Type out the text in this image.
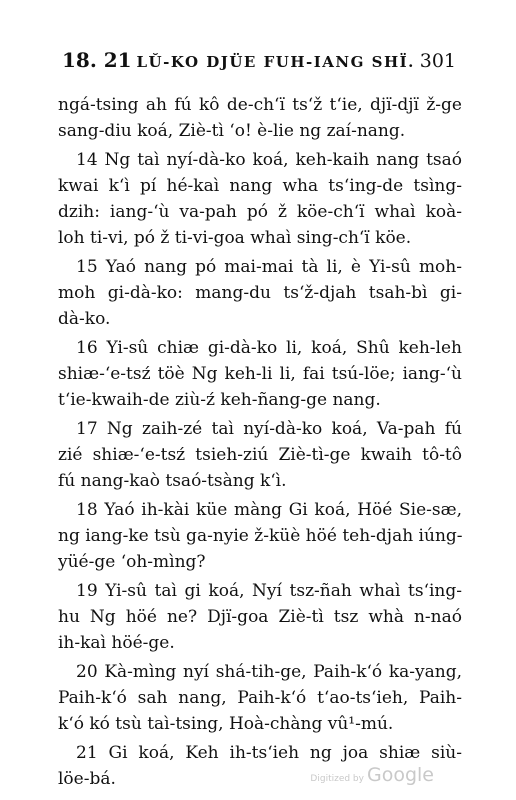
18. 21 LŬ-KO DJÜE FUH-IANG SHÏ. 301
ngá-tsing ah fú kô de-ch‘ï ts‘ž t‘ie, djï-djï ž-ge
sang-diu koá, Ziè-tì ‘o! è-lie ng zaí-nang.
14 Ng taì nyí-dà-ko koá, keh-kaih nang tsaó
kwai k‘ì pí hé-kaì nang wha ts‘ing-de tsìng-
dzih: iang-‘ù va-pah pó ž köe-ch‘ï whaì koà-
loh ti-vi, pó ž ti-vi-goa whaì sing-ch‘ï köe.
15 Yaó nang pó mai-mai tà li, è Yi-sû moh-
moh gi-dà-ko: mang-du ts‘ž-djah tsah-bì gi-
dà-ko.
16 Yi-sû chiæ gi-dà-ko li, koá, Shû keh-leh
shiæ-‘e-tsź töè Ng keh-li li, fai tsú-löe; iang-‘ù
t‘ie-kwaih-de ziù-ź keh-ñang-ge nang.
17 Ng zaih-zé taì nyí-dà-ko koá, Va-pah fú
zié shiæ-‘e-tsź tsieh-ziú Ziè-tì-ge kwaih tô-tô
fú nang-kaò tsaó-tsàng k‘ì.
18 Yaó ih-kài küe màng Gi koá, Höé Sie-sæ,
ng iang-ke tsù ga-nyie ž-küè höé teh-djah iúng-
yüé-ge ‘oh-mìng?
19 Yi-sû taì gi koá, Nyí tsz-ñah whaì ts‘ing-
hu Ng höé ne? Djï-goa Ziè-tì tsz whà n-naó
ih-kaì höé-ge.
20 Kà-mìng nyí shá-tih-ge, Paih-k‘ó ka-yang,
Paih-k‘ó sah nang, Paih-k‘ó t‘ao-ts‘ieh, Paih-
k‘ó kó tsù taì-tsing, Hoà-chàng vû¹-mú.
21 Gi koá, Keh ih-ts‘ieh ng joa shiæ siù-
löe-bá.	Digitized by Google
